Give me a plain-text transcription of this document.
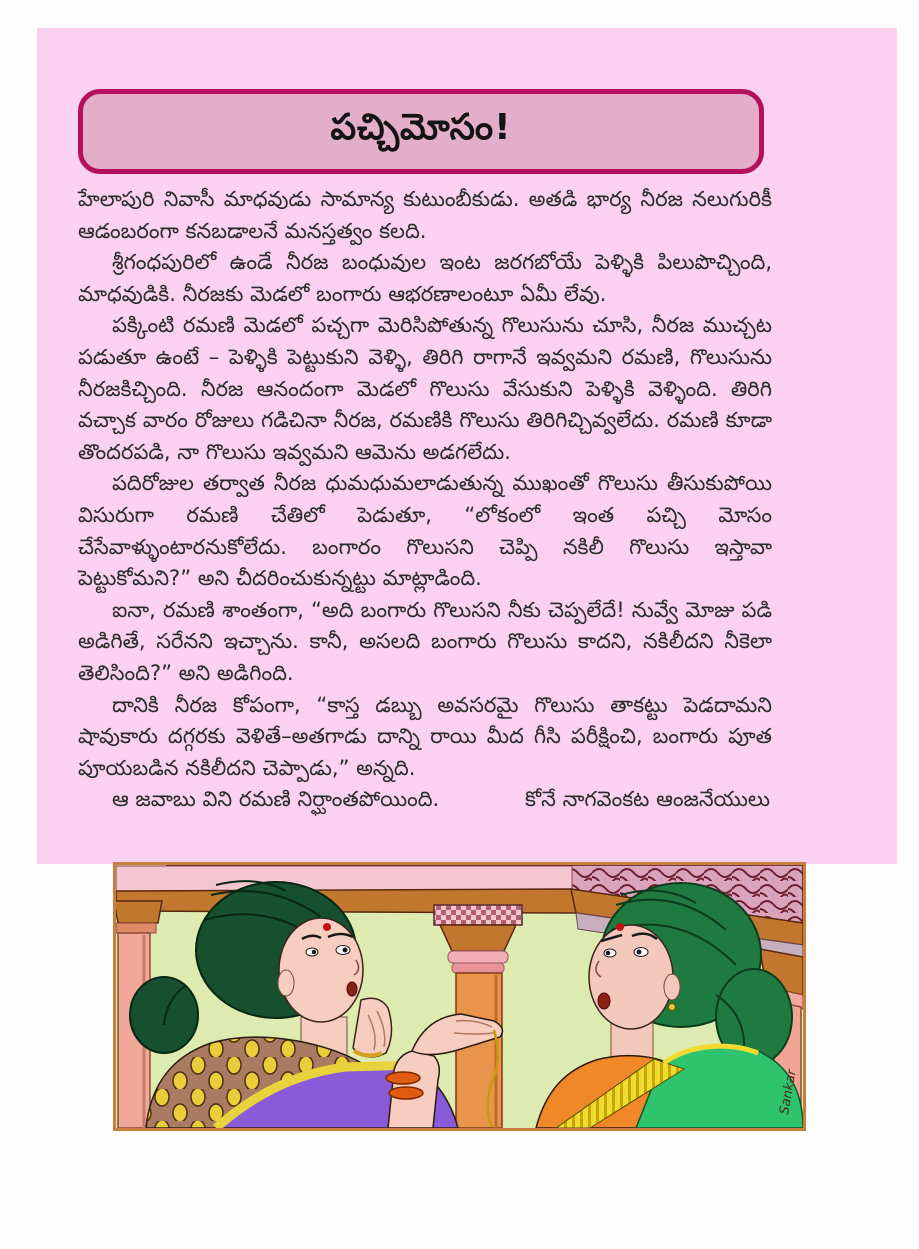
పచ్చిమోసం!

హేలాపురి నివాసీ మాధవుడు సామాన్య కుటుంబీకుడు. అతడి భార్య నీరజ నలుగురికీ ఆడంబరంగా కనబడాలనే మనస్తత్వం కలది.

శ్రీగంధపురిలో ఉండే నీరజ బంధువుల ఇంట జరగబోయే పెళ్ళికి పిలుపొచ్చింది, మాధవుడికి. నీరజకు మెడలో బంగారు ఆభరణాలంటూ ఏమీ లేవు.

పక్కింటి రమణి మెడలో పచ్చగా మెరిసిపోతున్న గొలుసును చూసి, నీరజ ముచ్చట పడుతూ ఉంటే – పెళ్ళికి పెట్టుకుని వెళ్ళి, తిరిగి రాగానే ఇవ్వమని రమణి, గొలుసును నీరజకిచ్చింది. నీరజ ఆనందంగా మెడలో గొలుసు వేసుకుని పెళ్ళికి వెళ్ళింది. తిరిగి వచ్చాక వారం రోజులు గడిచినా నీరజ, రమణికి గొలుసు తిరిగిచ్చివ్వలేదు. రమణి కూడా తొందరపడి, నా గొలుసు ఇవ్వమని ఆమెను అడగలేదు.

పదిరోజుల తర్వాత నీరజ ధుమధుమలాడుతున్న ముఖంతో గొలుసు తీసుకుపోయి విసురుగా రమణి చేతిలో పెడుతూ, “లోకంలో ఇంత పచ్చి మోసం చేసేవాళ్ళుంటారనుకోలేదు. బంగారం గొలుసని చెప్పి నకిలీ గొలుసు ఇస్తావా పెట్టుకోమని?” అని చీదరించుకున్నట్టు మాట్లాడింది.

ఐనా, రమణి శాంతంగా, “అది బంగారు గొలుసని నీకు చెప్పలేదే! నువ్వే మోజు పడి అడిగితే, సరేనని ఇచ్చాను. కానీ, అసలది బంగారు గొలుసు కాదని, నకిలీదని నీకెలా తెలిసింది?” అని అడిగింది.

దానికి నీరజ కోపంగా, “కాస్త డబ్బు అవసరమై గొలుసు తాకట్టు పెడదామని షావుకారు దగ్గరకు వెళితే–అతగాడు దాన్ని రాయి మీద గీసి పరీక్షించి, బంగారు పూత పూయబడిన నకిలీదని చెప్పాడు,” అన్నది.

ఆ జవాబు విని రమణి నిర్ఘాంతపోయింది.	కోనే నాగవెంకట ఆంజనేయులు
Sankar
